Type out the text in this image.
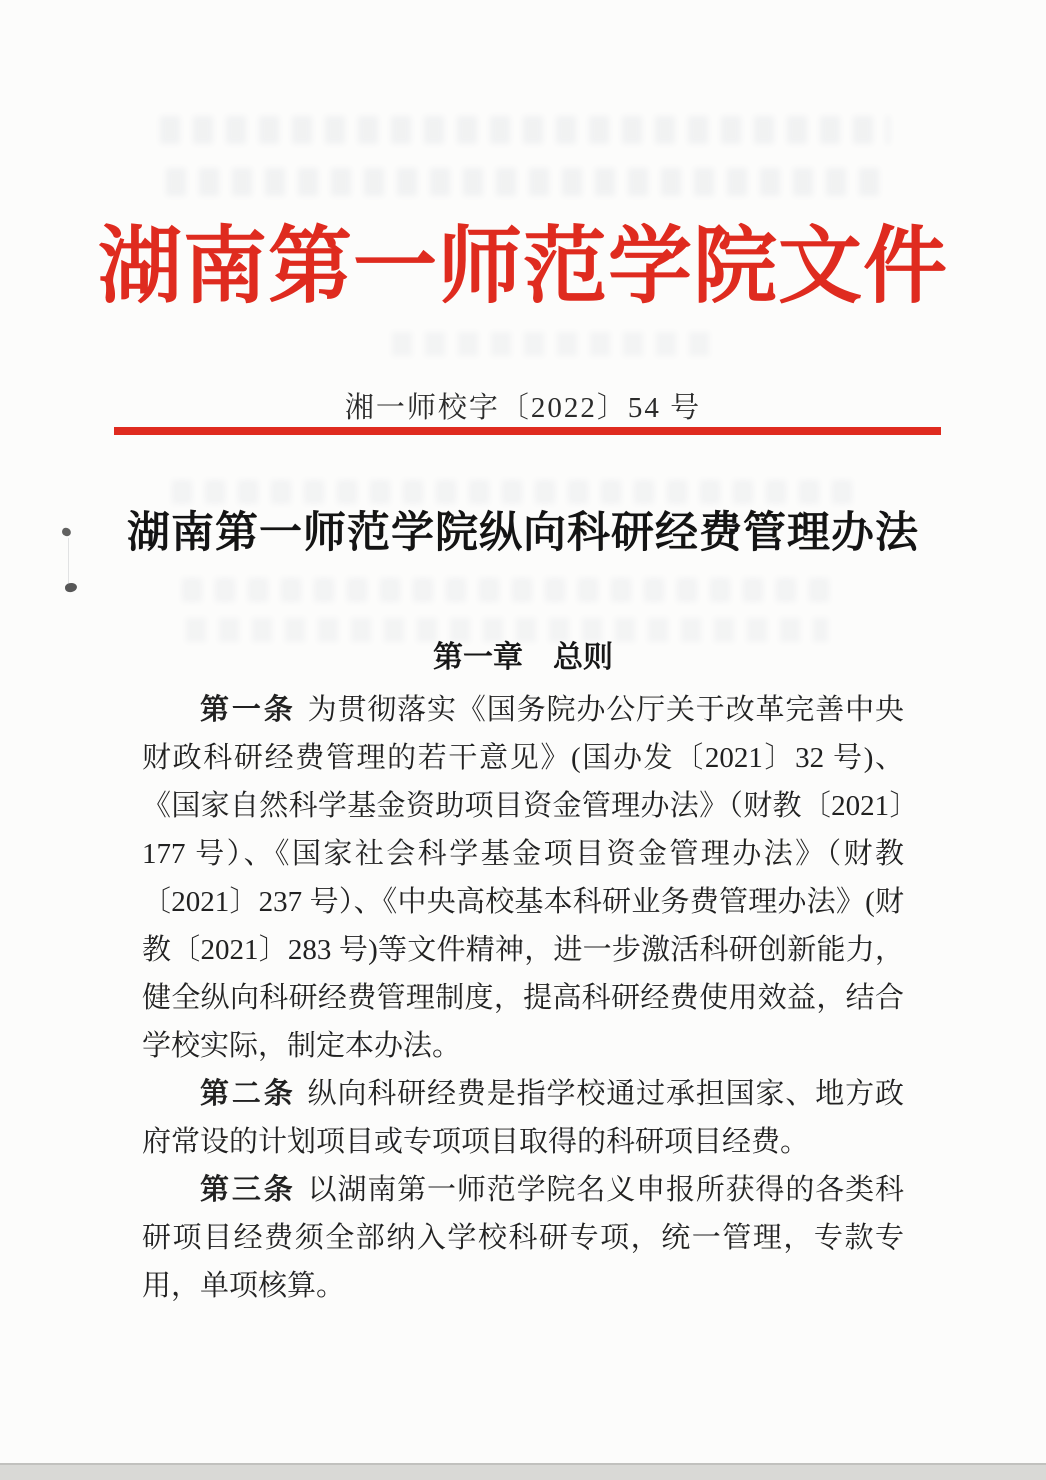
湖南第一师范学院文件
湘一师校字〔2022〕54 号
湖南第一师范学院纵向科研经费管理办法
第一章 总则

第一条 为贯彻落实《国务院办公厅关于改革完善中央财政科研经费管理的若干意见》(国办发〔2021〕32 号)、《国家自然科学基金资助项目资金管理办法》（财教〔2021〕177 号）、《国家社会科学基金项目资金管理办法》（财教〔2021〕237 号）、《中央高校基本科研业务费管理办法》(财教〔2021〕283 号)等文件精神，进一步激活科研创新能力，健全纵向科研经费管理制度，提高科研经费使用效益，结合学校实际，制定本办法。

第二条 纵向科研经费是指学校通过承担国家、地方政府常设的计划项目或专项项目取得的科研项目经费。

第三条 以湖南第一师范学院名义申报所获得的各类科研项目经费须全部纳入学校科研专项，统一管理，专款专用，单项核算。
